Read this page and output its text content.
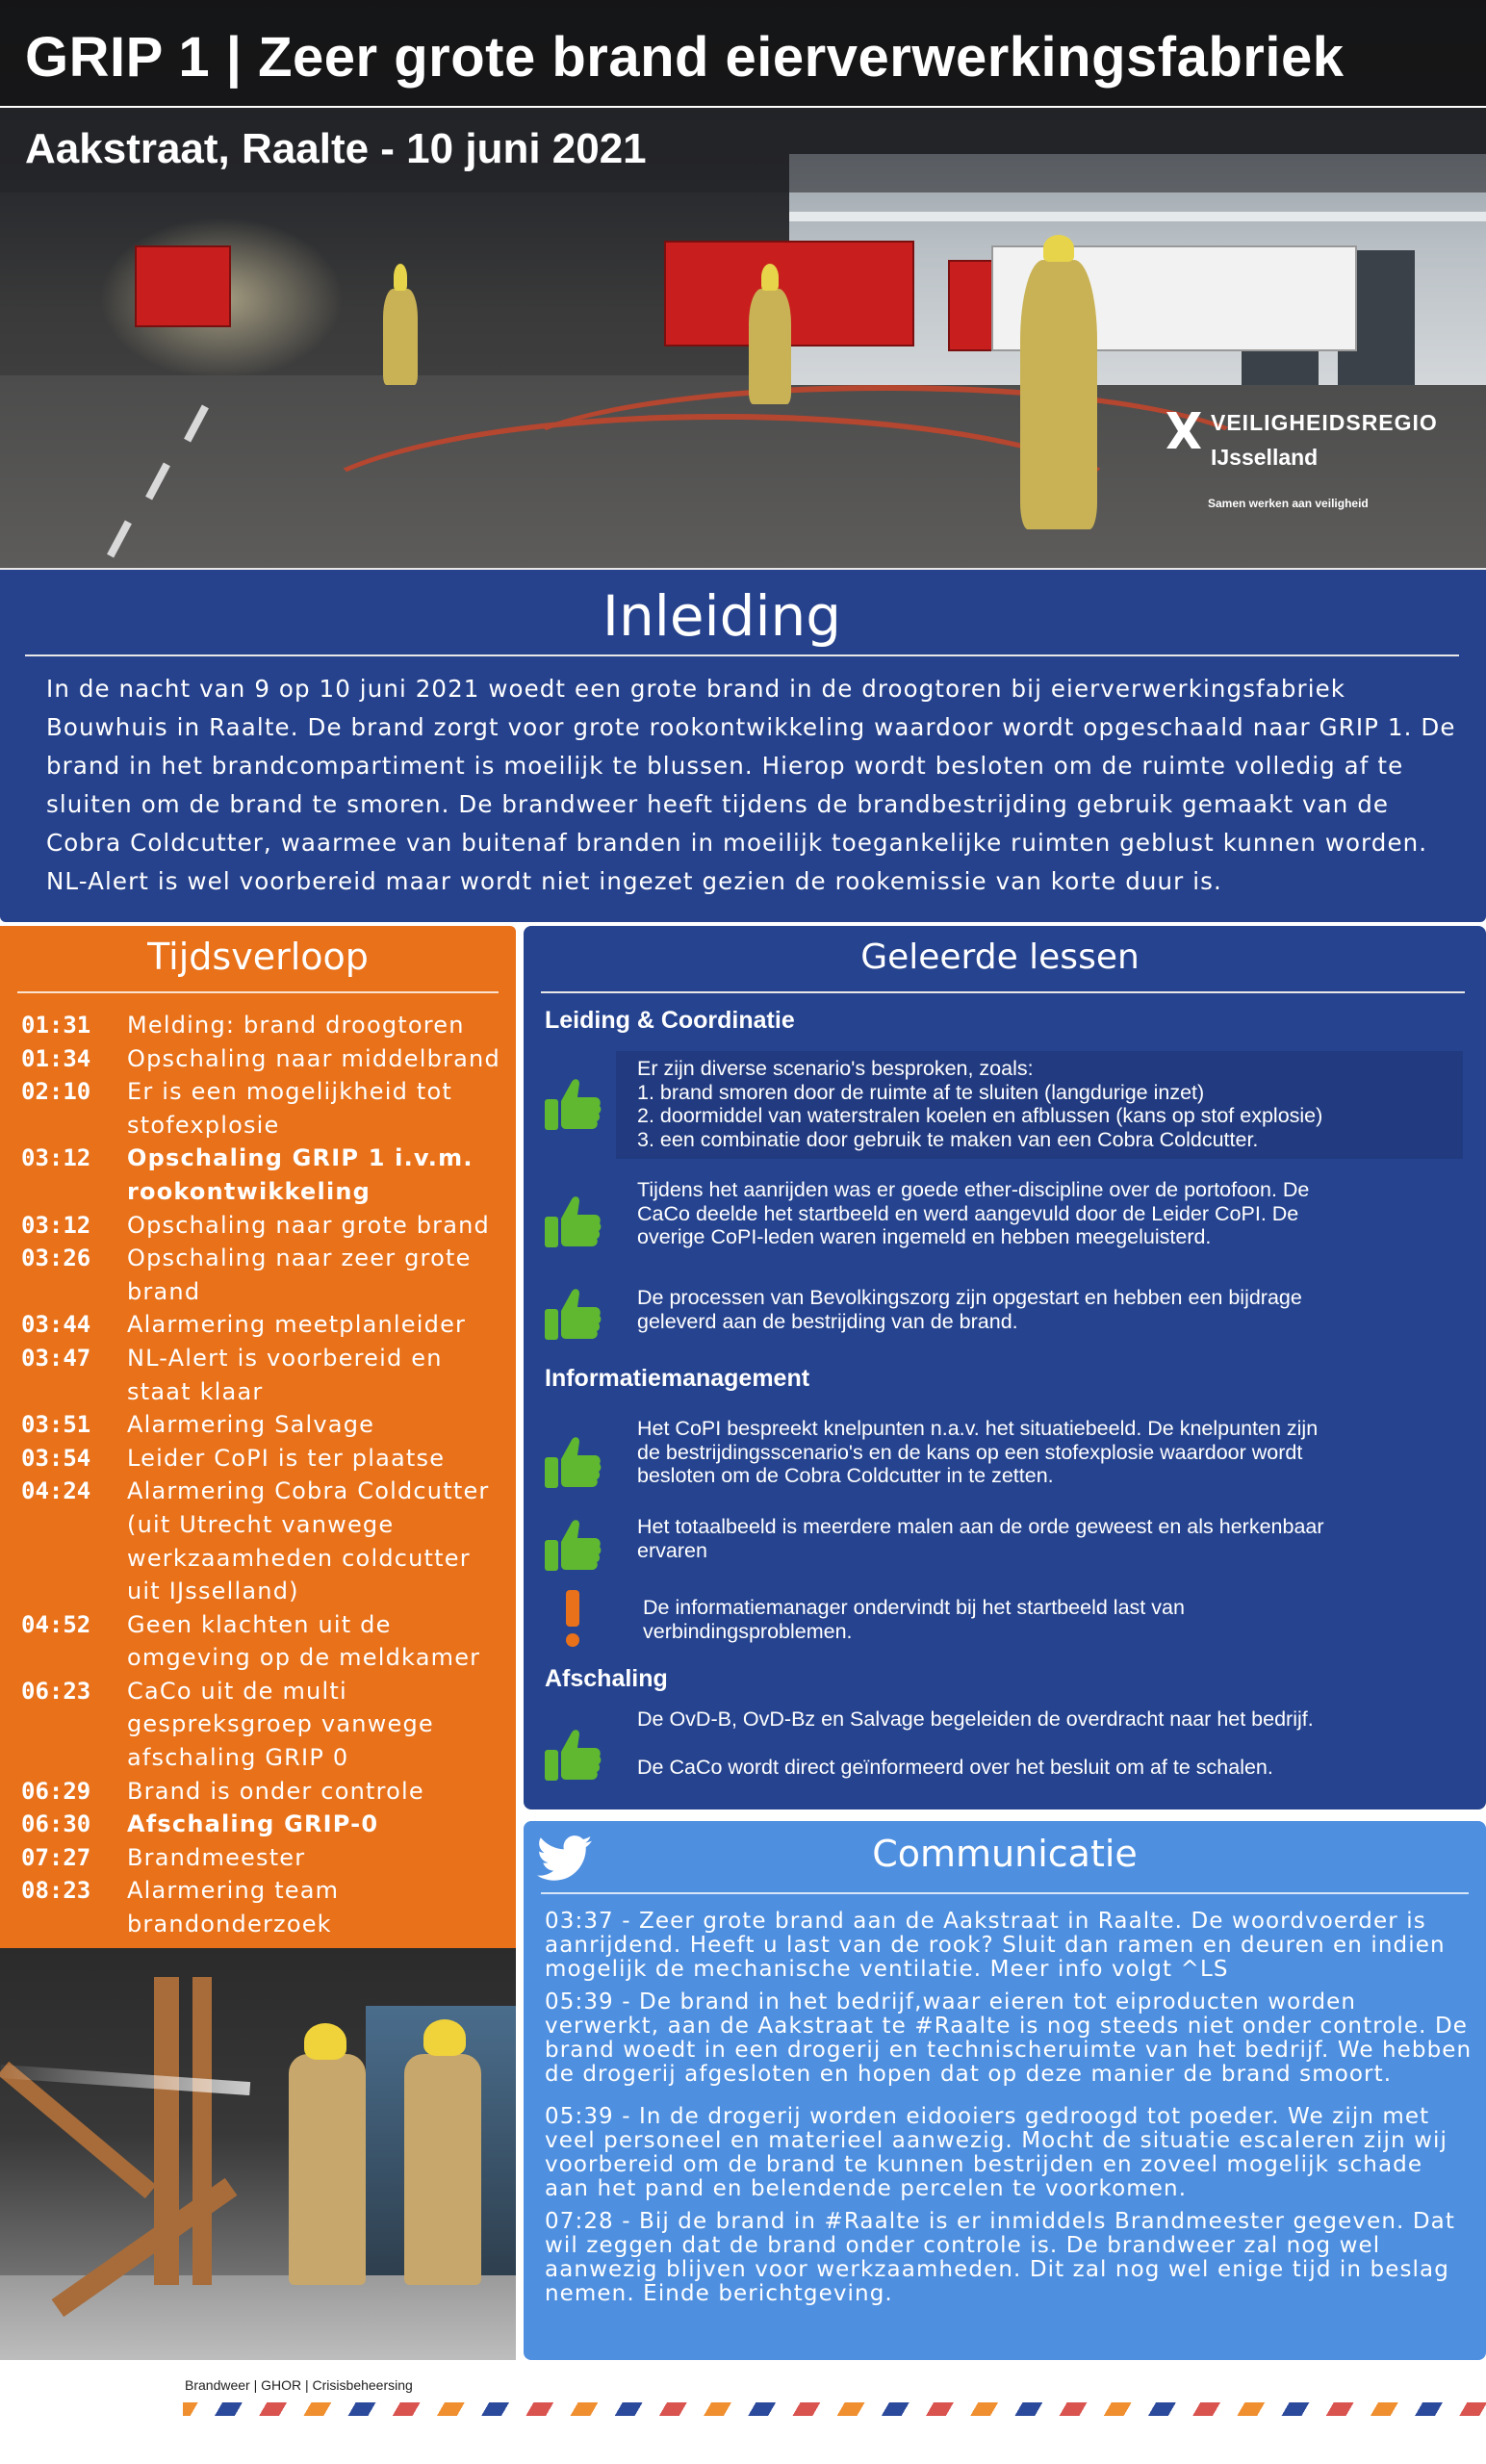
GRIP 1 | Zeer grote brand eierverwerkingsfabriek
Aakstraat, Raalte - 10 juni 2021
VEILIGHEIDSREGIO
IJsselland
Samen werken aan veiligheid
Inleiding
In de nacht van 9 op 10 juni 2021 woedt een grote brand in de droogtoren bij eierverwerkingsfabriek Bouwhuis in Raalte. De brand zorgt voor grote rookontwikkeling waardoor wordt opgeschaald naar GRIP 1. De brand in het brandcompartiment is moeilijk te blussen. Hierop wordt besloten om de ruimte volledig af te sluiten om de brand te smoren. De brandweer heeft tijdens de brandbestrijding gebruik gemaakt van de Cobra Coldcutter, waarmee van buitenaf branden in moeilijk toegankelijke ruimten geblust kunnen worden. NL-Alert is wel voorbereid maar wordt niet ingezet gezien de rookemissie van korte duur is.
Tijdsverloop
01:31	Melding: brand droogtoren
01:34	Opschaling naar middelbrand
02:10	Er is een mogelijkheid tot stofexplosie
03:12	Opschaling GRIP 1 i.v.m. rookontwikkeling
03:12	Opschaling naar grote brand
03:26	Opschaling naar zeer grote brand
03:44	Alarmering meetplanleider
03:47	NL-Alert is voorbereid en staat klaar
03:51	Alarmering Salvage
03:54	Leider CoPI is ter plaatse
04:24	Alarmering Cobra Coldcutter (uit Utrecht vanwege werkzaamheden coldcutter uit IJsselland)
04:52	Geen klachten uit de omgeving op de meldkamer
06:23	CaCo uit de multi gespreksgroep vanwege afschaling GRIP 0
06:29	Brand is onder controle
06:30	Afschaling GRIP-0
07:27	Brandmeester
08:23	Alarmering team brandonderzoek
Geleerde lessen
Leiding & Coordinatie
Er zijn diverse scenario's besproken, zoals:
1. brand smoren door de ruimte af te sluiten (langdurige inzet)
2. doormiddel van waterstralen koelen en afblussen (kans op stof explosie)
3. een combinatie door gebruik te maken van een Cobra Coldcutter.
Tijdens het aanrijden was er goede ether-discipline over de portofoon. De
CaCo deelde het startbeeld en werd aangevuld door de Leider CoPI. De
overige CoPI-leden waren ingemeld en hebben meegeluisterd.
De processen van Bevolkingszorg zijn opgestart en hebben een bijdrage
geleverd aan de bestrijding van de brand.
Informatiemanagement
Het CoPI bespreekt knelpunten n.a.v. het situatiebeeld. De knelpunten zijn
de bestrijdingsscenario's en de kans op een stofexplosie waardoor wordt
besloten om de Cobra Coldcutter in te zetten.
Het totaalbeeld is meerdere malen aan de orde geweest en als herkenbaar
ervaren
De informatiemanager ondervindt bij het startbeeld last van
verbindingsproblemen.
Afschaling
De OvD-B, OvD-Bz en Salvage begeleiden de overdracht naar het bedrijf.
De CaCo wordt direct geïnformeerd over het besluit om af te schalen.
Communicatie

03:37 - Zeer grote brand aan de Aakstraat in Raalte. De woordvoerder is aanrijdend. Heeft u last van de rook? Sluit dan ramen en deuren en indien mogelijk de mechanische ventilatie. Meer info volgt ^LS

05:39 - De brand in het bedrijf,waar eieren tot eiproducten worden verwerkt, aan de Aakstraat te #Raalte is nog steeds niet onder controle. De brand woedt in een drogerij en technischeruimte van het bedrijf. We hebben de drogerij afgesloten en hopen dat op deze manier de brand smoort.

05:39 - In de drogerij worden eidooiers gedroogd tot poeder. We zijn met veel personeel en materieel aanwezig. Mocht de situatie escaleren zijn wij voorbereid om de brand te kunnen bestrijden en zoveel mogelijk schade aan het pand en belendende percelen te voorkomen.

07:28 - Bij de brand in #Raalte is er inmiddels Brandmeester gegeven. Dat wil zeggen dat de brand onder controle is. De brandweer zal nog wel aanwezig blijven voor werkzaamheden. Dit zal nog wel enige tijd in beslag nemen. Einde berichtgeving.

Brandweer | GHOR | Crisisbeheersing
